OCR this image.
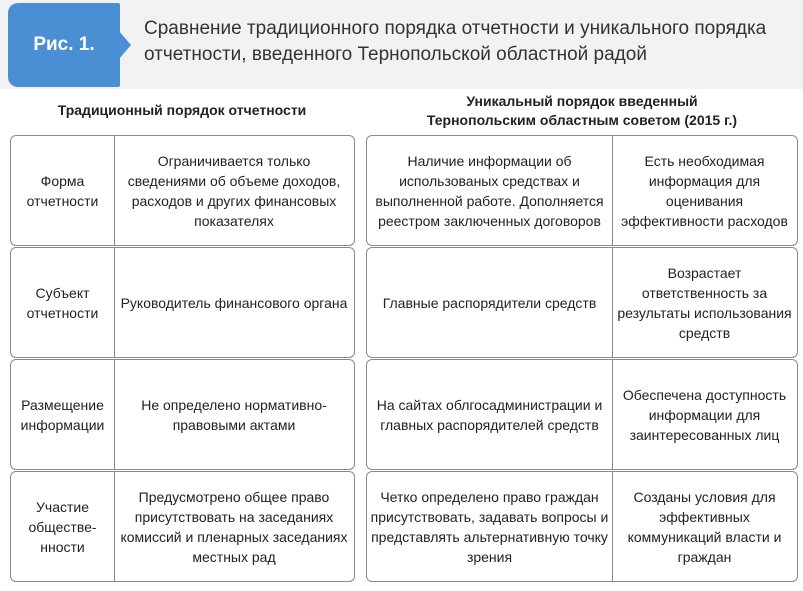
Рис. 1.
Сравнение традиционного порядка отчетности и уникального порядка отчетности, введенного Тернопольской областной радой
Традиционный порядок отчетности
Уникальный порядок введенный
Тернопольским областным советом (2015 г.)
Форма отчетности
Ограничивается только сведениями об объеме доходов, расходов и других финансовых показателях
Наличие информации об использованых средствах и выполненной работе. Дополняется реестром заключенных договоров
Есть необходимая информация для оценивания эффективности расходов
Субъект отчетности
Руководитель финансового органа	Главные распорядители средств
Возрастает ответственность за результаты использования средств
Размещение информации
Не определено нормативно-правовыми актами
На сайтах облгосадминистрации и главных распорядителей средств
Обеспечена доступность информации для заинтересованных лиц
Участие обществе-нности
Предусмотрено общее право присутствовать на заседаниях комиссий и пленарных заседаниях местных рад
Четко определено право граждан присутствовать, задавать вопросы и представлять альтернативную точку зрения
Созданы условия для эффективных коммуникаций власти и граждан
